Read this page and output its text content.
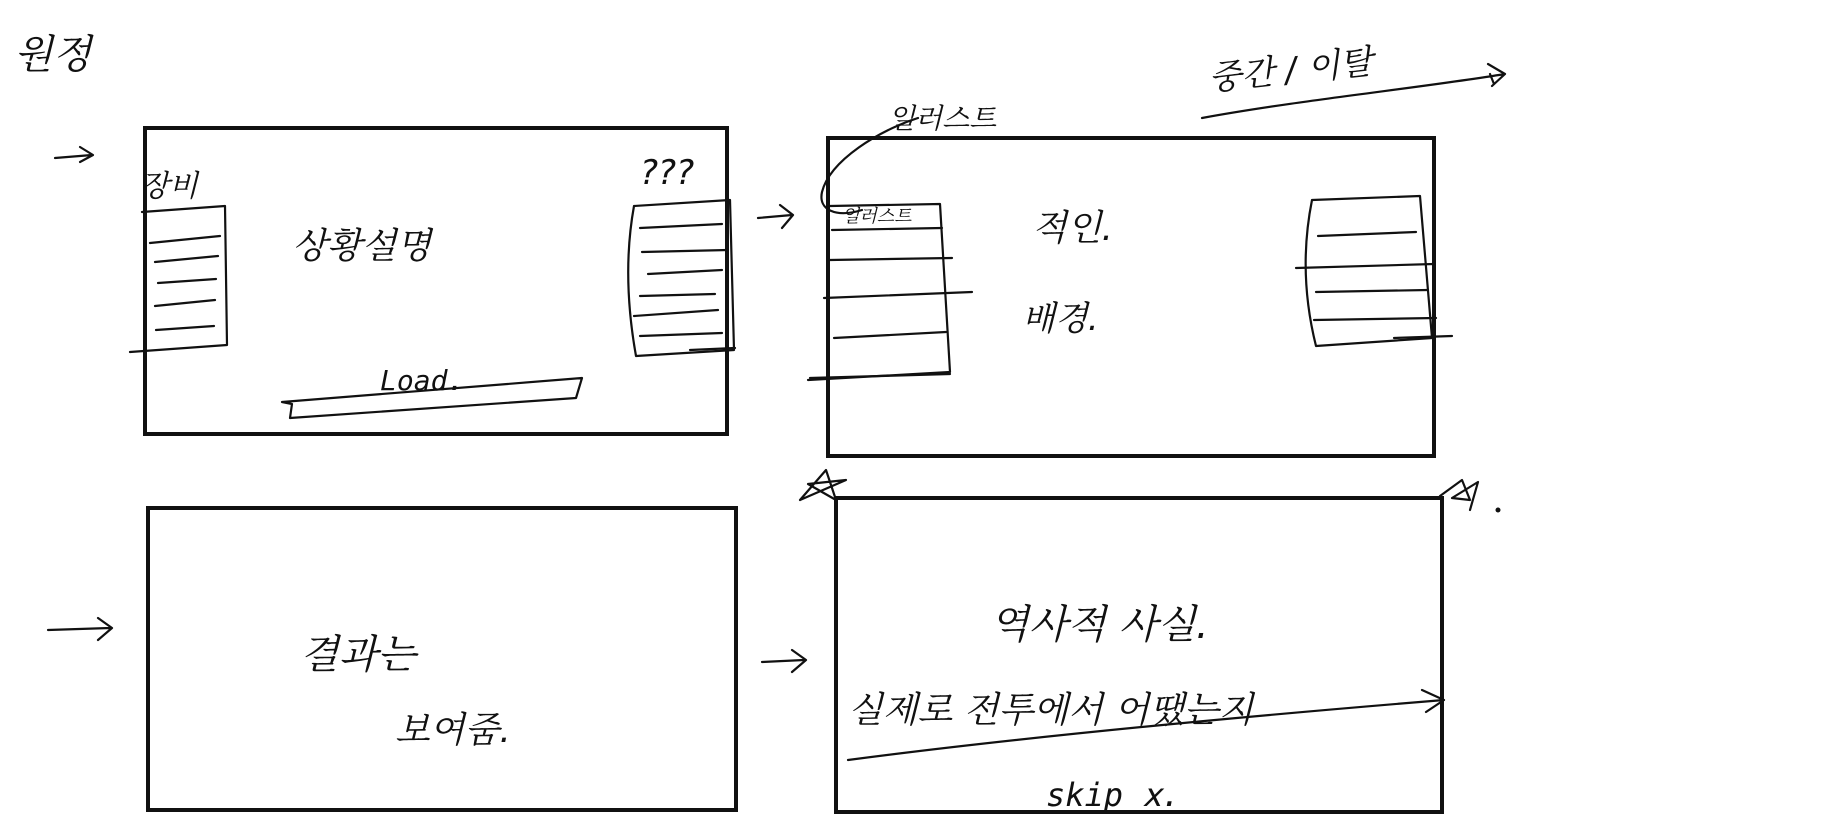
원정	중간 / 이탈
장비
상황설명
???
Load.
일러스트
일러스트	적인.
배경.
결과는
보여줌.
역사적 사실.
실제로 전투에서 어땠는지
skip ⅹ.
